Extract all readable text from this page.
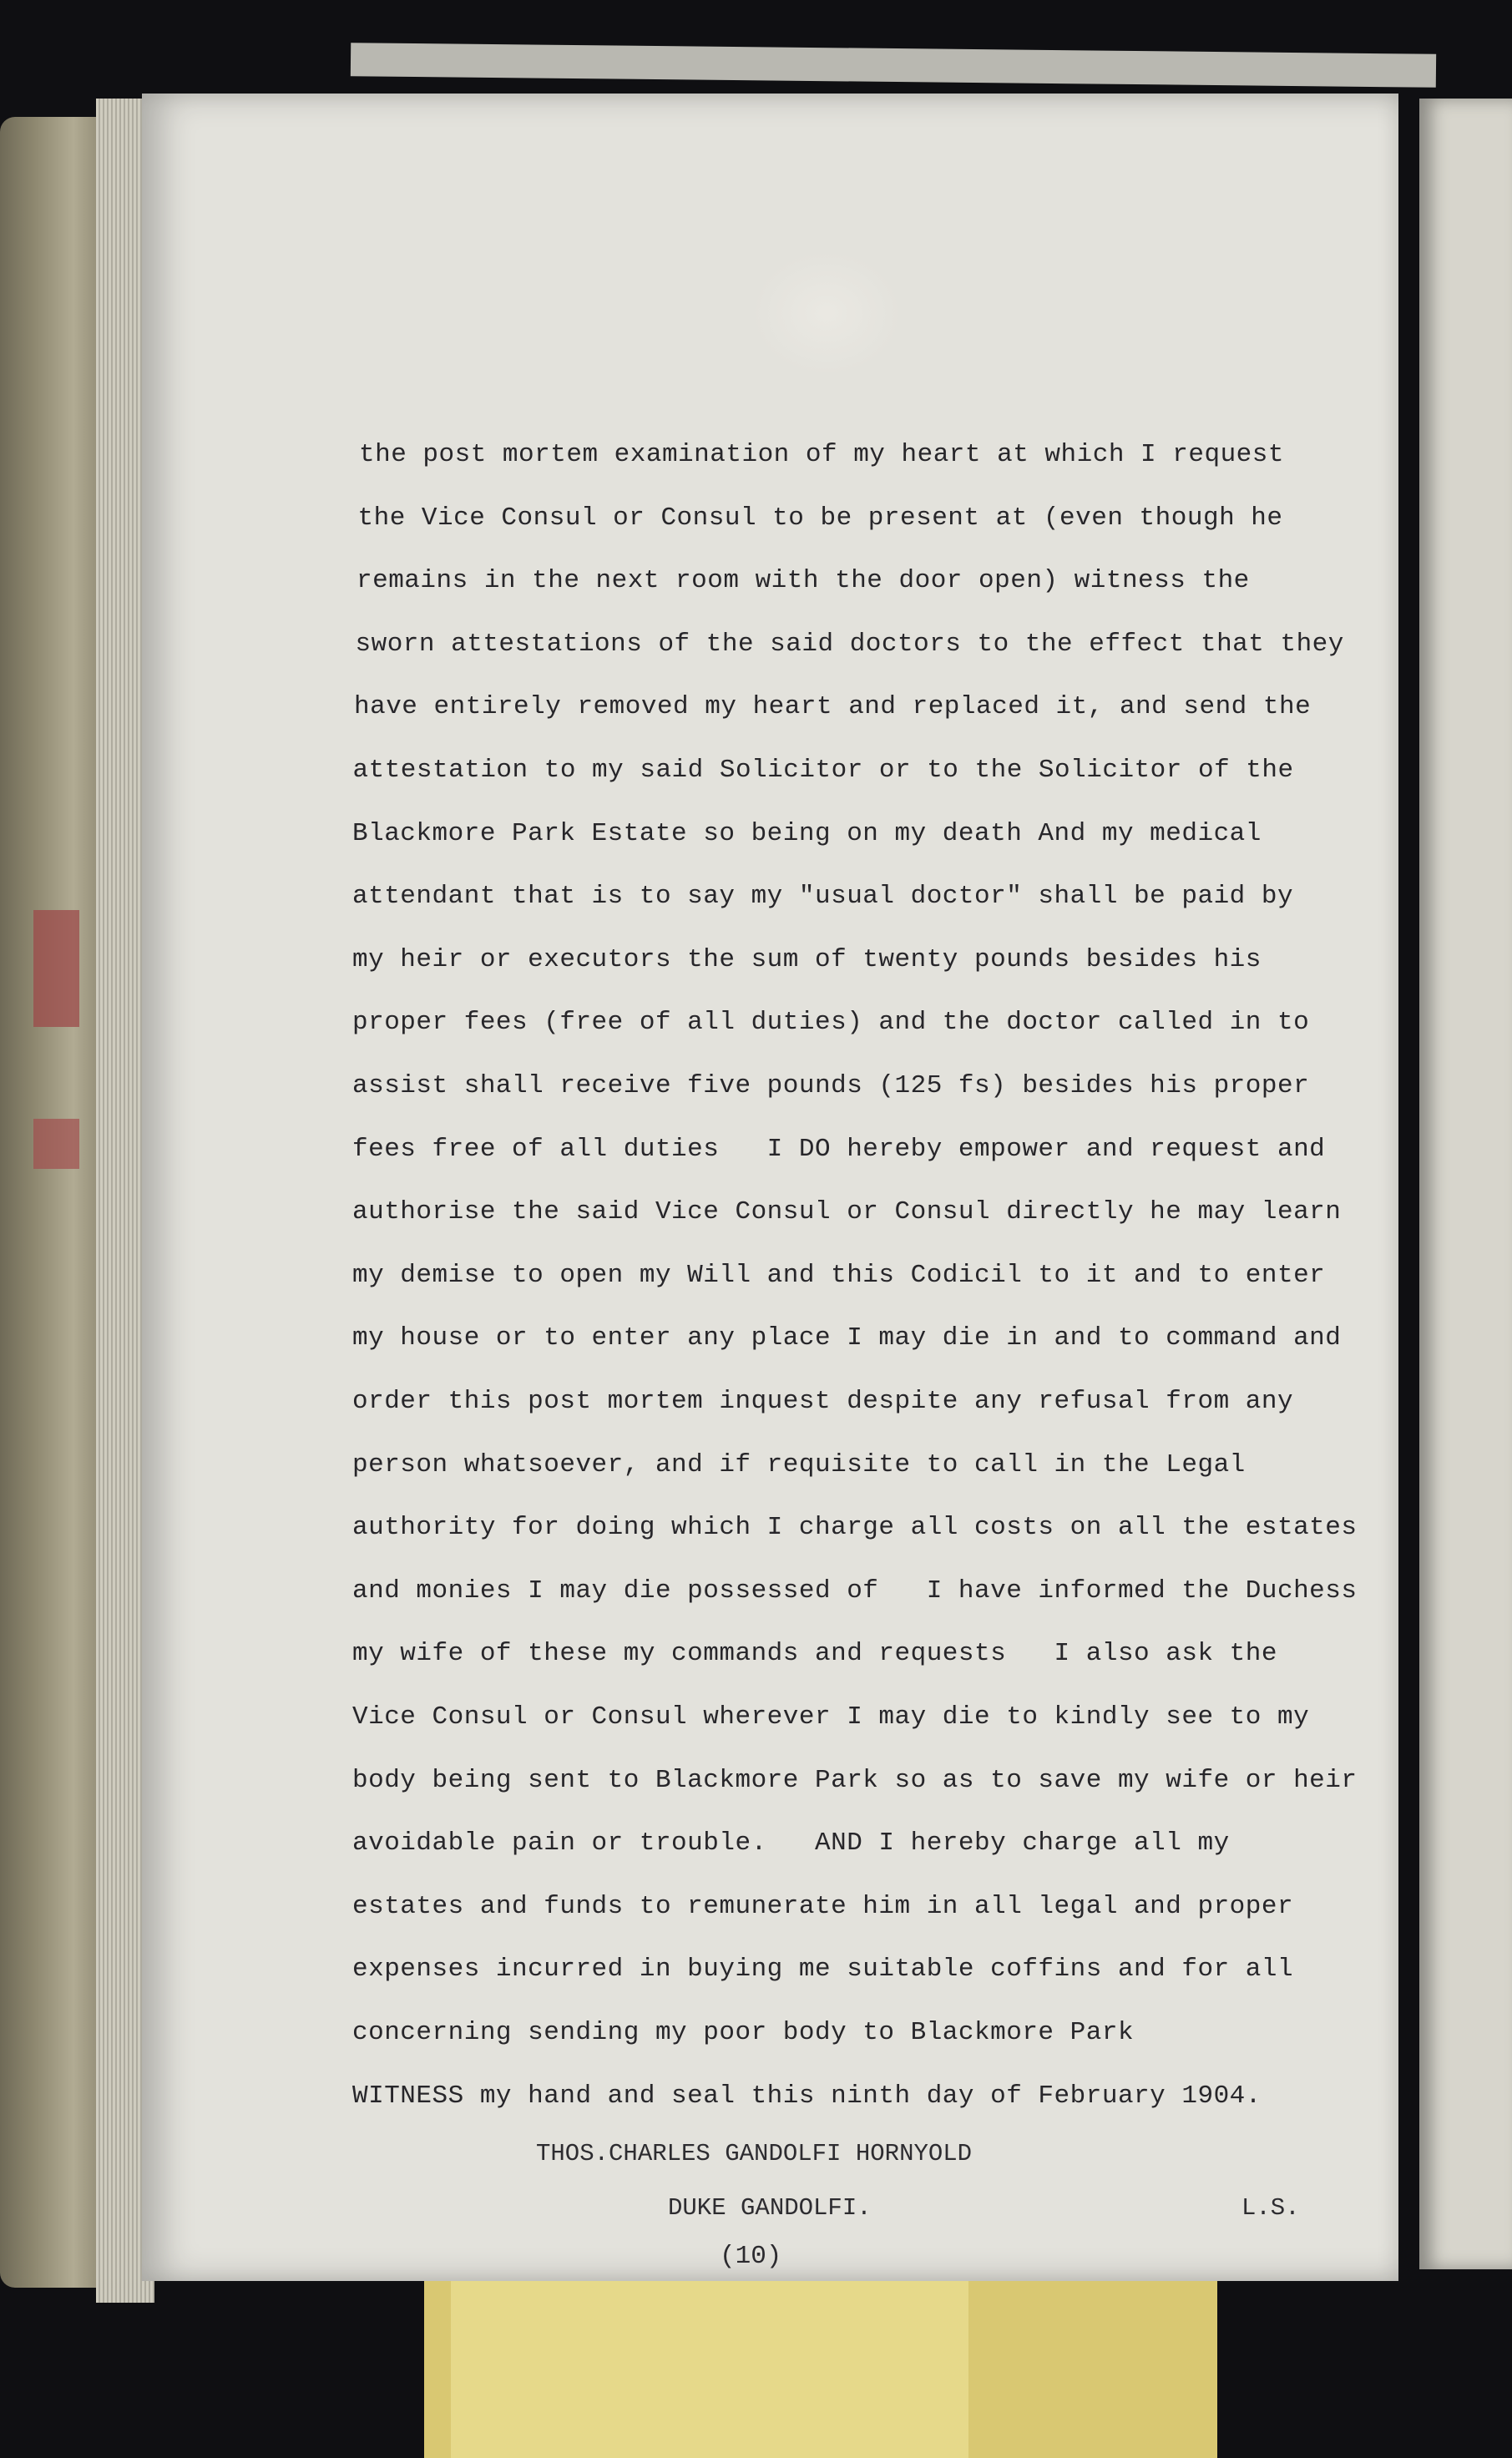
the post mortem examination of my heart at which I request
the Vice Consul or Consul to be present at (even though he
remains in the next room with the door open) witness the
sworn attestations of the said doctors to the effect that they
have entirely removed my heart and replaced it, and send the
attestation to my said Solicitor or to the Solicitor of the
Blackmore Park Estate so being on my death And my medical
attendant that is to say my "usual doctor" shall be paid by
my heir or executors the sum of twenty pounds besides his
proper fees (free of all duties) and the doctor called in to
assist shall receive five pounds (125 fs) besides his proper
fees free of all duties   I DO hereby empower and request and
authorise the said Vice Consul or Consul directly he may learn
my demise to open my Will and this Codicil to it and to enter
my house or to enter any place I may die in and to command and
order this post mortem inquest despite any refusal from any
person whatsoever, and if requisite to call in the Legal
authority for doing which I charge all costs on all the estates
and monies I may die possessed of   I have informed the Duchess
my wife of these my commands and requests   I also ask the
Vice Consul or Consul wherever I may die to kindly see to my
body being sent to Blackmore Park so as to save my wife or heir
avoidable pain or trouble.   AND I hereby charge all my
estates and funds to remunerate him in all legal and proper
expenses incurred in buying me suitable coffins and for all
concerning sending my poor body to Blackmore Park
WITNESS my hand and seal this ninth day of February 1904.
THOS.CHARLES GANDOLFI HORNYOLD
DUKE GANDOLFI.	L.S.
(10)
